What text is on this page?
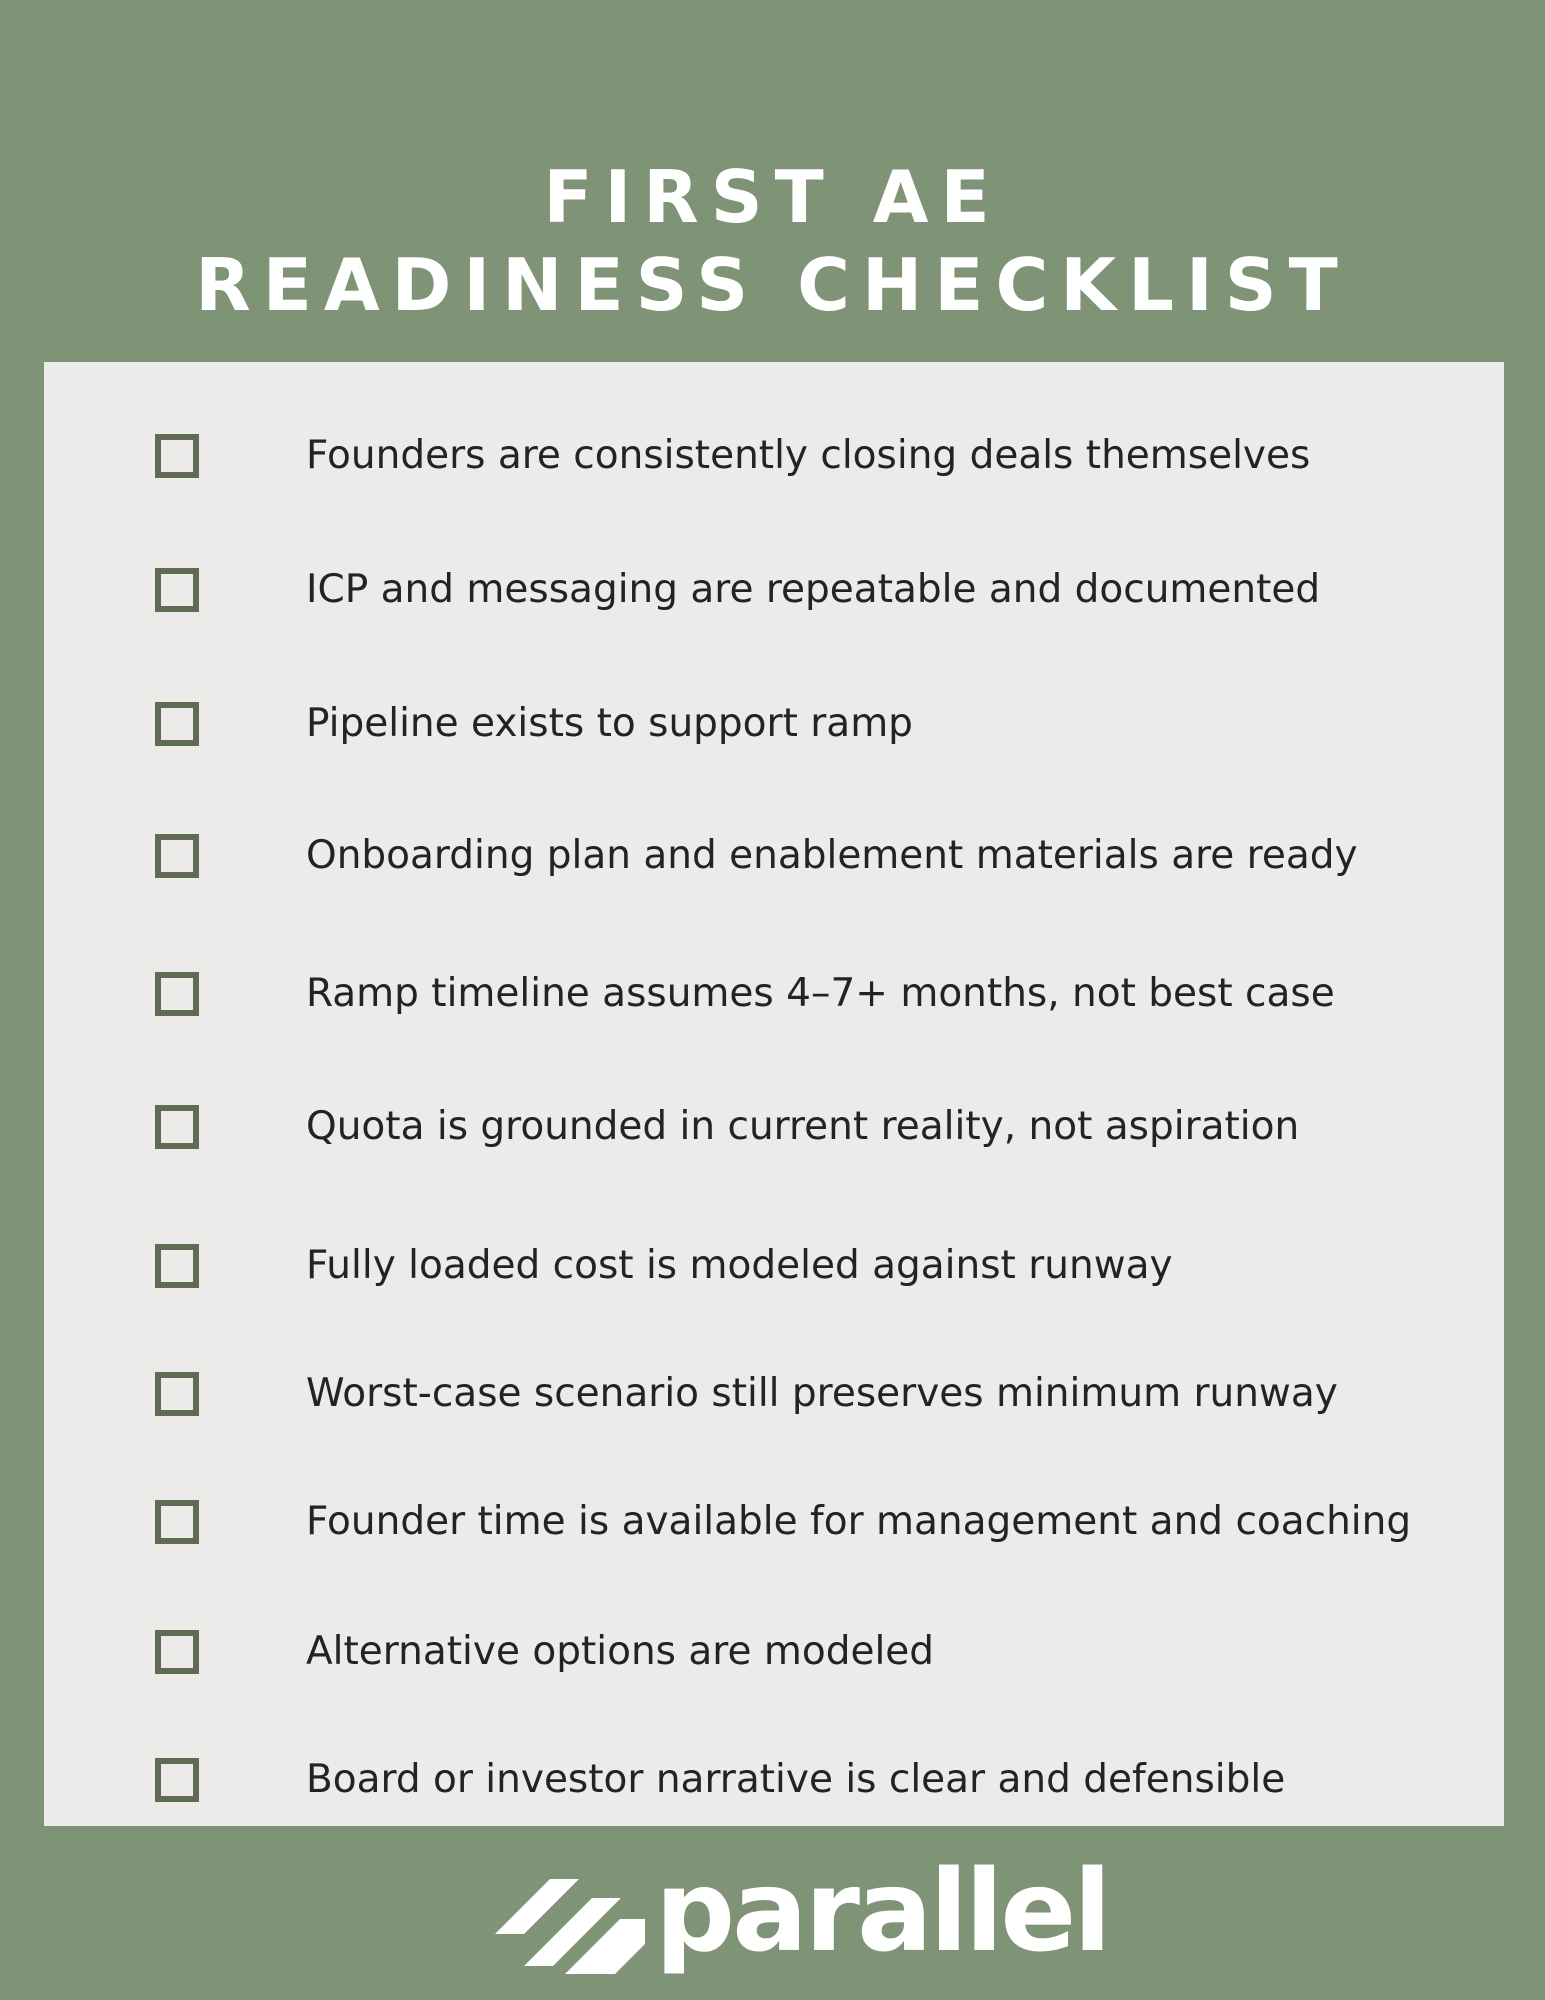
FIRST AE
READINESS CHECKLIST
Founders are consistently closing deals themselves
ICP and messaging are repeatable and documented
Pipeline exists to support ramp
Onboarding plan and enablement materials are ready
Ramp timeline assumes 4–7+ months, not best case
Quota is grounded in current reality, not aspiration
Fully loaded cost is modeled against runway
Worst-case scenario still preserves minimum runway
Founder time is available for management and coaching
Alternative options are modeled
Board or investor narrative is clear and defensible
parallel
